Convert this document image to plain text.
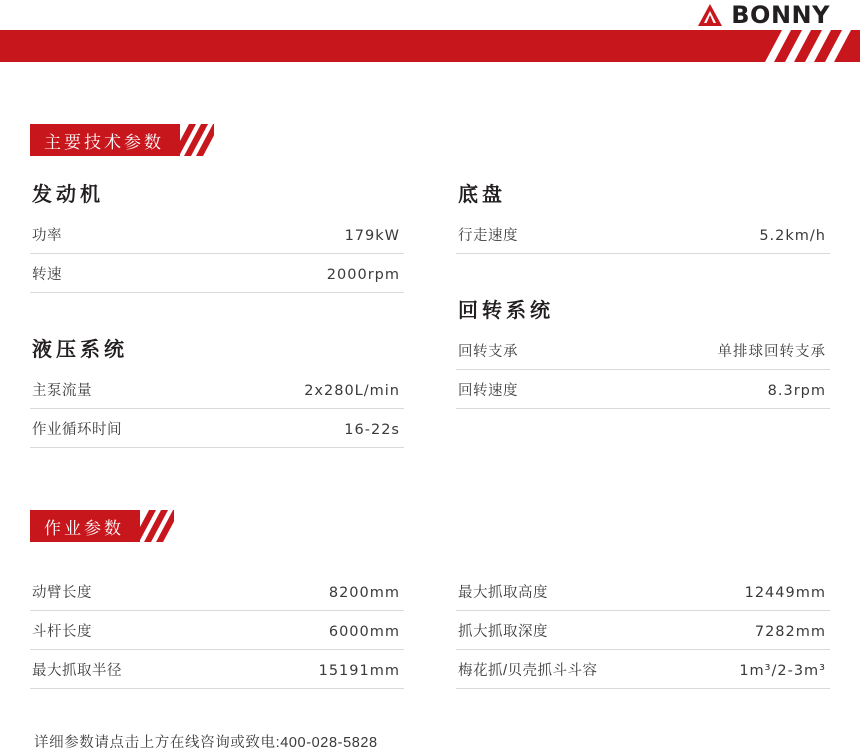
BONNY
主要技术参数
发动机
功率	179kW
转速	2000rpm
液压系统
主泵流量	2x280L/min
作业循环时间	16-22s
底盘
行走速度	5.2km/h
回转系统
回转支承	单排球回转支承
回转速度	8.3rpm
作业参数
动臂长度	8200mm
斗杆长度	6000mm
最大抓取半径	15191mm
最大抓取高度	12449mm
抓大抓取深度	7282mm
梅花抓/贝壳抓斗斗容	1m³/2-3m³
详细参数请点击上方在线咨询或致电:400-028-5828
